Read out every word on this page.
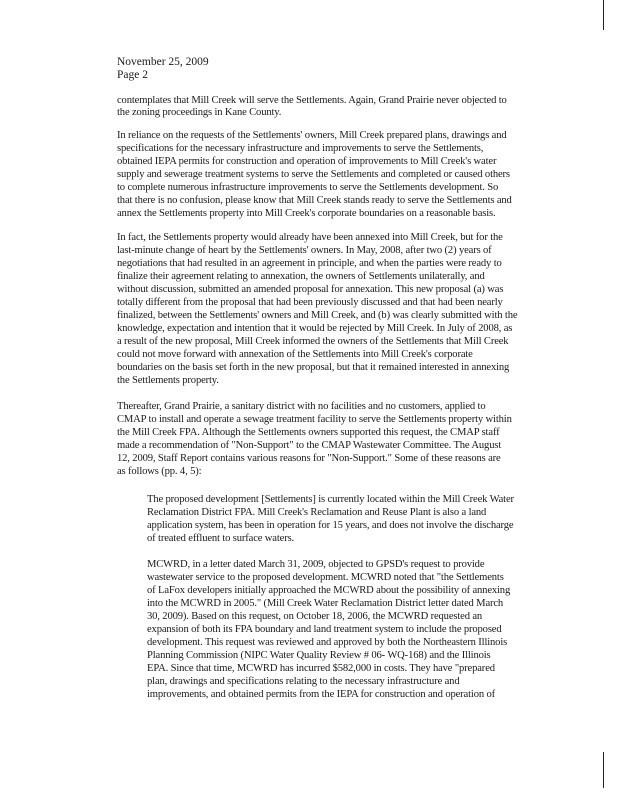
November 25, 2009
Page 2
contemplates that Mill Creek will serve the Settlements. Again, Grand Prairie never objected to
the zoning proceedings in Kane County.
In reliance on the requests of the Settlements' owners, Mill Creek prepared plans, drawings and
specifications for the necessary infrastructure and improvements to serve the Settlements,
obtained IEPA permits for construction and operation of improvements to Mill Creek's water
supply and sewerage treatment systems to serve the Settlements and completed or caused others
to complete numerous infrastructure improvements to serve the Settlements development. So
that there is no confusion, please know that Mill Creek stands ready to serve the Settlements and
annex the Settlements property into Mill Creek's corporate boundaries on a reasonable basis.
In fact, the Settlements property would already have been annexed into Mill Creek, but for the
last-minute change of heart by the Settlements' owners. In May, 2008, after two (2) years of
negotiations that had resulted in an agreement in principle, and when the parties were ready to
finalize their agreement relating to annexation, the owners of Settlements unilaterally, and
without discussion, submitted an amended proposal for annexation. This new proposal (a) was
totally different from the proposal that had been previously discussed and that had been nearly
finalized, between the Settlements' owners and Mill Creek, and (b) was clearly submitted with the
knowledge, expectation and intention that it would be rejected by Mill Creek. In July of 2008, as
a result of the new proposal, Mill Creek informed the owners of the Settlements that Mill Creek
could not move forward with annexation of the Settlements into Mill Creek's corporate
boundaries on the basis set forth in the new proposal, but that it remained interested in annexing
the Settlements property.
Thereafter, Grand Prairie, a sanitary district with no facilities and no customers, applied to
CMAP to install and operate a sewage treatment facility to serve the Settlements property within
the Mill Creek FPA. Although the Settlements owners supported this request, the CMAP staff
made a recommendation of "Non-Support" to the CMAP Wastewater Committee. The August
12, 2009, Staff Report contains various reasons for "Non-Support." Some of these reasons are
as follows (pp. 4, 5):
The proposed development [Settlements] is currently located within the Mill Creek Water
Reclamation District FPA. Mill Creek's Reclamation and Reuse Plant is also a land
application system, has been in operation for 15 years, and does not involve the discharge
of treated effluent to surface waters.
MCWRD, in a letter dated March 31, 2009, objected to GPSD's request to provide
wastewater service to the proposed development. MCWRD noted that "the Settlements
of LaFox developers initially approached the MCWRD about the possibility of annexing
into the MCWRD in 2005." (Mill Creek Water Reclamation District letter dated March
30, 2009). Based on this request, on October 18, 2006, the MCWRD requested an
expansion of both its FPA boundary and land treatment system to include the proposed
development. This request was reviewed and approved by both the Northeastern Illinois
Planning Commission (NIPC Water Quality Review # 06- WQ-168) and the Illinois
EPA. Since that time, MCWRD has incurred $582,000 in costs. They have "prepared
plan, drawings and specifications relating to the necessary infrastructure and
improvements, and obtained permits from the IEPA for construction and operation of
